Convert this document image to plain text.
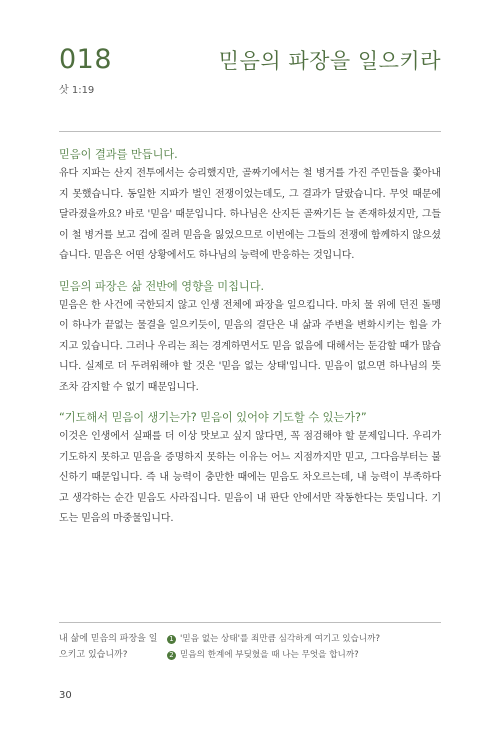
018	믿음의 파장을 일으키라
삿 1:19

믿음이 결과를 만듭니다.

유다 지파는 산지 전투에서는 승리했지만, 골짜기에서는 철 병거를 가진 주민들을 쫓아내지 못했습니다. 동일한 지파가 벌인 전쟁이었는데도, 그 결과가 달랐습니다. 무엇 때문에 달라졌을까요? 바로 '믿음' 때문입니다. 하나님은 산지든 골짜기든 늘 존재하셨지만, 그들이 철 병거를 보고 겁에 질려 믿음을 잃었으므로 이번에는 그들의 전쟁에 함께하지 않으셨습니다. 믿음은 어떤 상황에서도 하나님의 능력에 반응하는 것입니다.

믿음의 파장은 삶 전반에 영향을 미칩니다.

믿음은 한 사건에 국한되지 않고 인생 전체에 파장을 일으킵니다. 마치 물 위에 던진 돌멩이 하나가 끝없는 물결을 일으키듯이, 믿음의 결단은 내 삶과 주변을 변화시키는 힘을 가지고 있습니다. 그러나 우리는 죄는 경계하면서도 믿음 없음에 대해서는 둔감할 때가 많습니다. 실제로 더 두려워해야 할 것은 '믿음 없는 상태'입니다. 믿음이 없으면 하나님의 뜻조차 감지할 수 없기 때문입니다.

“기도해서 믿음이 생기는가? 믿음이 있어야 기도할 수 있는가?”

이것은 인생에서 실패를 더 이상 맛보고 싶지 않다면, 꼭 점검해야 할 문제입니다. 우리가 기도하지 못하고 믿음을 증명하지 못하는 이유는 어느 지점까지만 믿고, 그다음부터는 불신하기 때문입니다. 즉 내 능력이 충만한 때에는 믿음도 차오르는데, 내 능력이 부족하다고 생각하는 순간 믿음도 사라집니다. 믿음이 내 판단 안에서만 작동한다는 뜻입니다. 기도는 믿음의 마중물입니다.

내 삶에 믿음의 파장을 일으키고 있습니까?
1 '믿음 없는 상태'를 죄만큼 심각하게 여기고 있습니까?
2 믿음의 한계에 부딪혔을 때 나는 무엇을 합니까?
30
